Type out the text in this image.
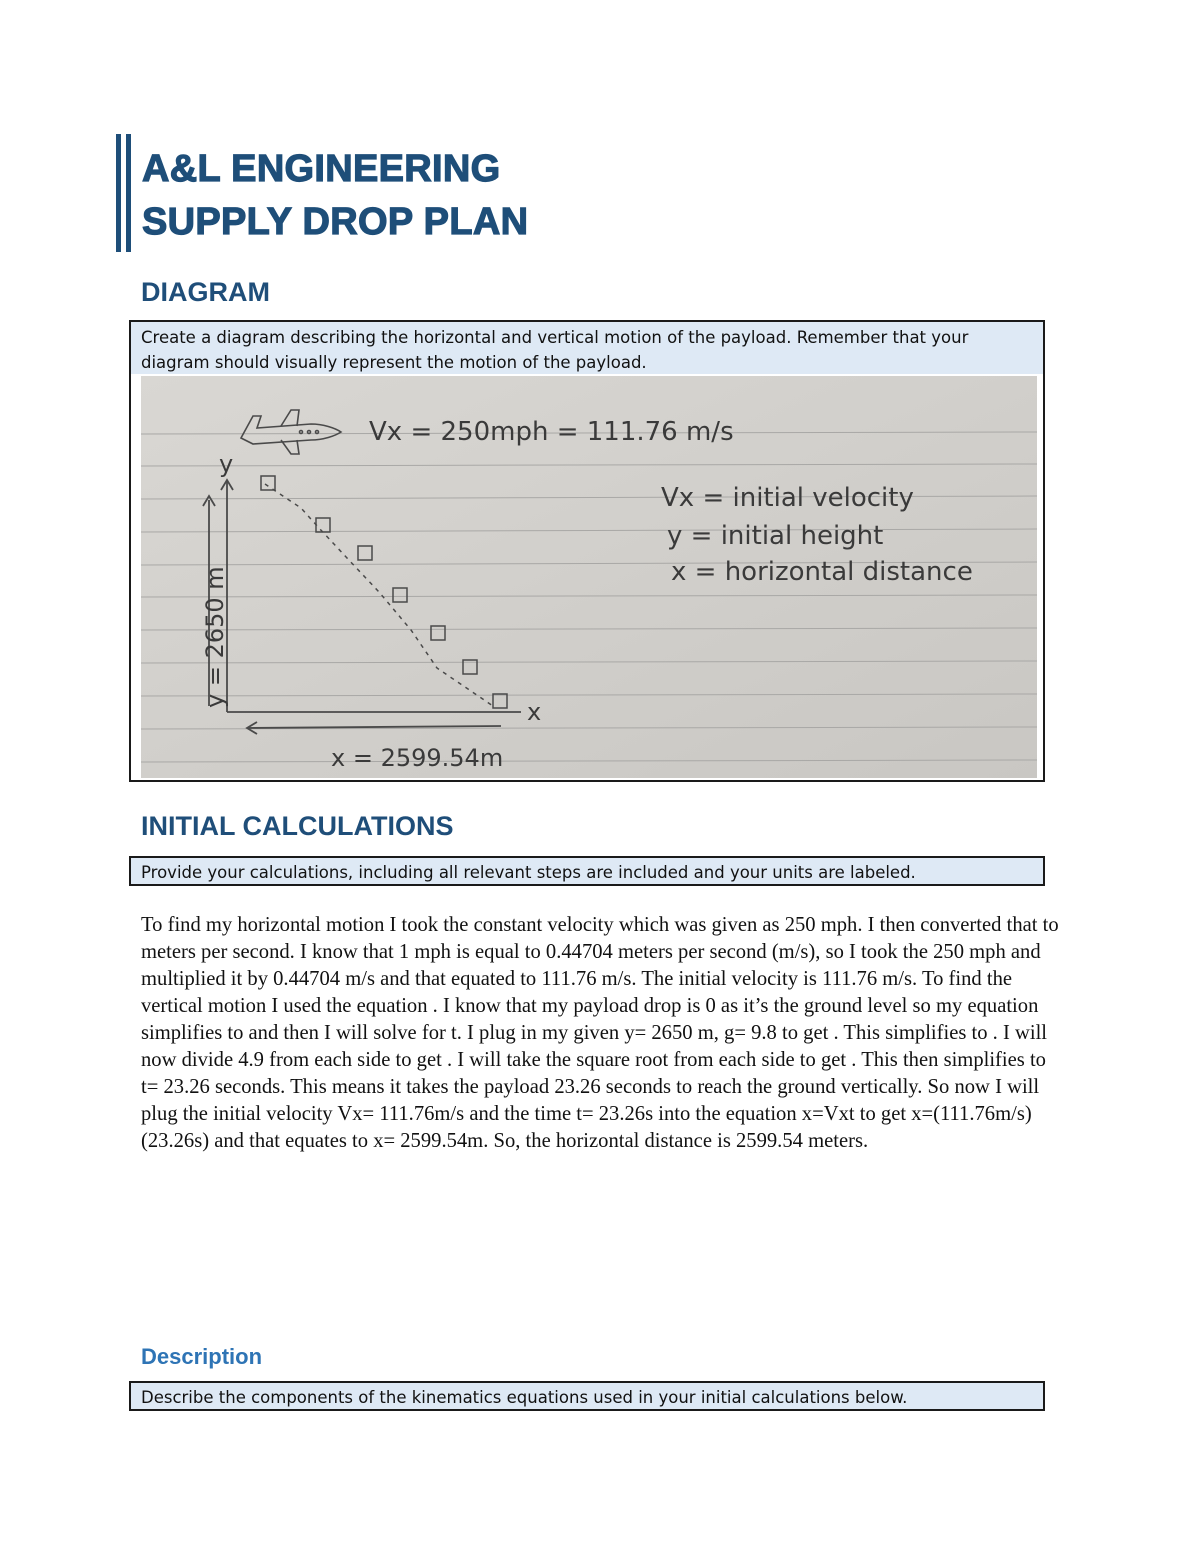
A&L ENGINEERING
SUPPLY DROP PLAN
DIAGRAM
Create a diagram describing the horizontal and vertical motion of the payload. Remember that your diagram should visually represent the motion of the payload.
Vx = 250mph = 111.76 m/s
Vx = initial velocity
y = initial height
x = horizontal distance
y = 2650 m
x = 2599.54m
y
x
INITIAL CALCULATIONS
Provide your calculations, including all relevant steps are included and your units are labeled.

To find my horizontal motion I took the constant velocity which was given as 250 mph. I then converted that to meters per second. I know that 1 mph is equal to 0.44704 meters per second (m/s), so I took the 250 mph and multiplied it by 0.44704 m/s and that equated to 111.76 m/s. The initial velocity is 111.76 m/s. To find the vertical motion I used the equation . I know that my payload drop is 0 as it’s the ground level so my equation simplifies to and then I will solve for t. I plug in my given y= 2650 m, g= 9.8 to get . This simplifies to . I will now divide 4.9 from each side to get . I will take the square root from each side to get . This then simplifies to t= 23.26 seconds. This means it takes the payload 23.26 seconds to reach the ground vertically. So now I will plug the initial velocity Vx= 111.76m/s and the time t= 23.26s into the equation x=Vxt to get x=(111.76m/s)(23.26s) and that equates to x= 2599.54m. So, the horizontal distance is 2599.54 meters.

Description
Describe the components of the kinematics equations used in your initial calculations below.
